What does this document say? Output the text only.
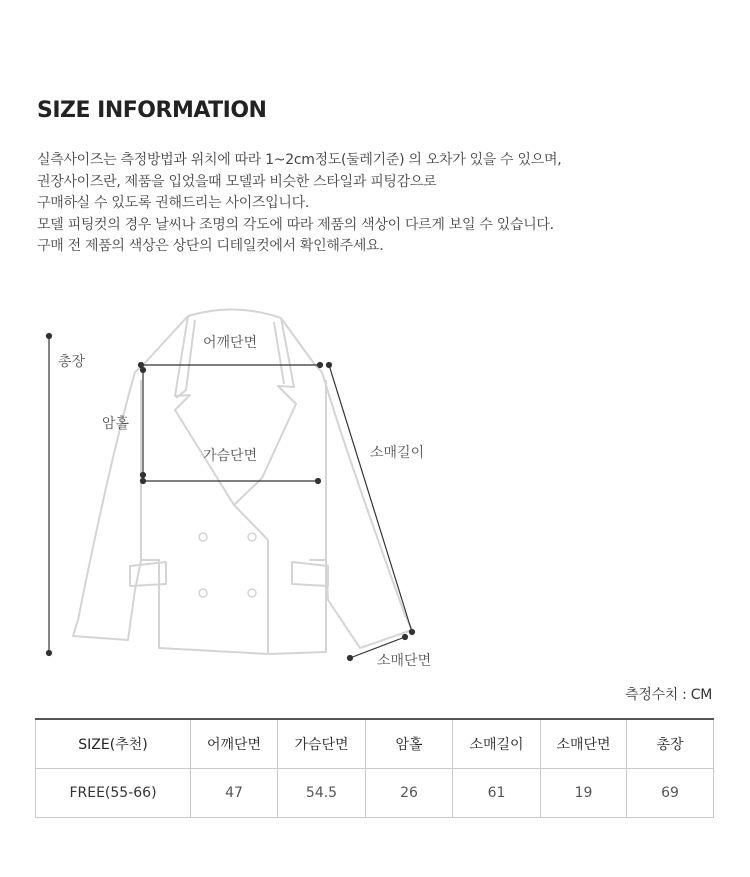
SIZE INFORMATION
실측사이즈는 측정방법과 위치에 따라 1~2cm정도(둘레기준) 의 오차가 있을 수 있으며,
권장사이즈란, 제품을 입었을때 모델과 비슷한 스타일과 피팅감으로
구매하실 수 있도록 권해드리는 사이즈입니다.
모델 피팅컷의 경우 날씨나 조명의 각도에 따라 제품의 색상이 다르게 보일 수 있습니다.
구매 전 제품의 색상은 상단의 디테일컷에서 확인해주세요.
총장
어깨단면
암홀
가슴단면	소매길이
소매단면
측정수치 : CM
SIZE(추천)	어깨단면	가슴단면	암홀	소매길이	소매단면	총장
FREE(55-66)	47	54.5	26	61	19	69
